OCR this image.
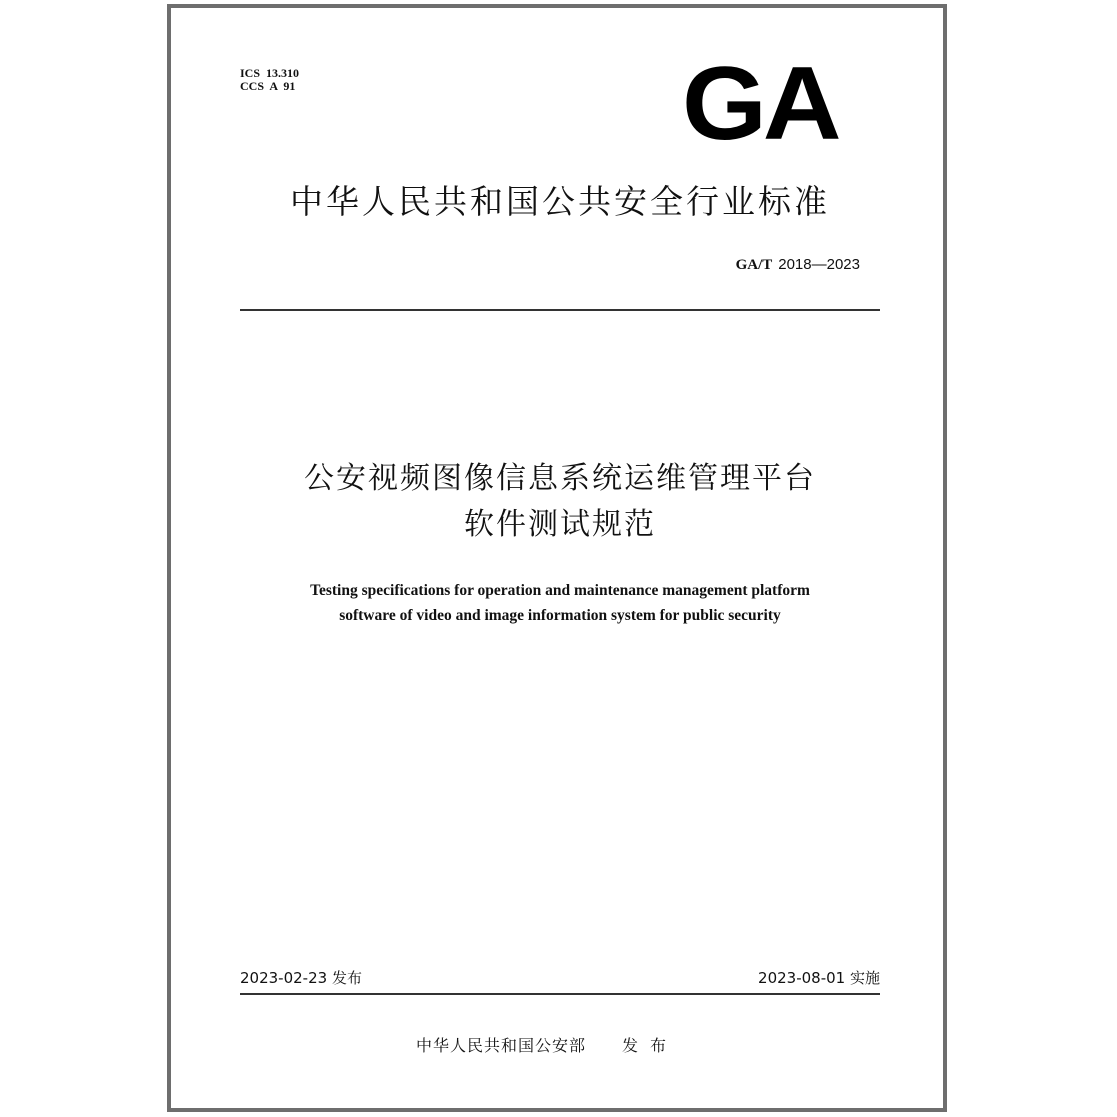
ICS 13.310
CCS A 91	GA
中华人民共和国公共安全行业标准
GA/T 2018—2023
公安视频图像信息系统运维管理平台
软件测试规范
Testing specifications for operation and maintenance management platform
software of video and image information system for public security
2023-02-23 发布	2023-08-01 实施
中华人民共和国公安部 发布
